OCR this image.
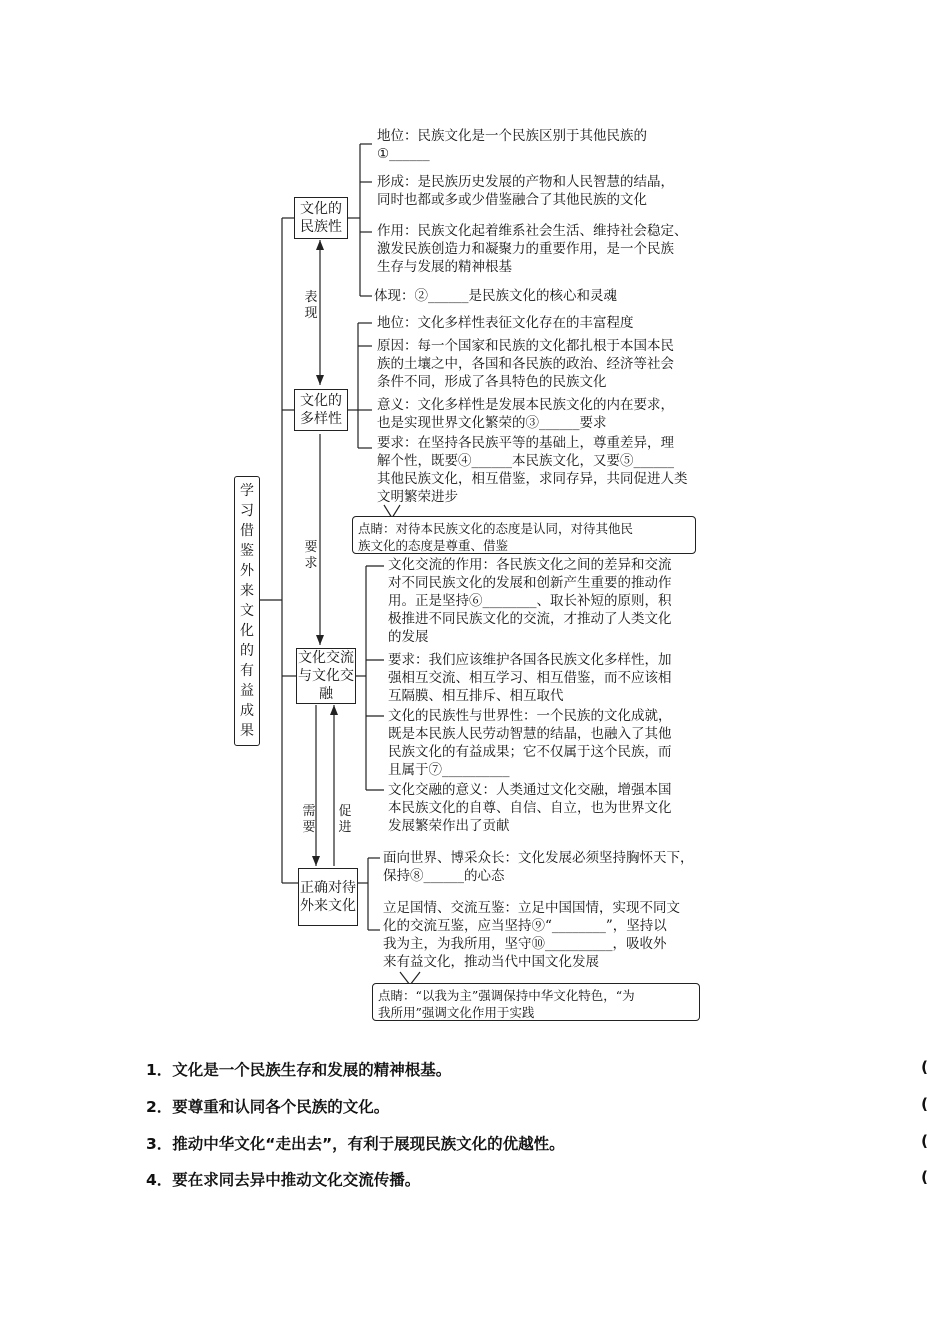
学习借鉴外来文化的有益成果
文化的民族性
地位：民族文化是一个民族区别于其他民族的
①______
形成：是民族历史发展的产物和人民智慧的结晶，
同时也都或多或少借鉴融合了其他民族的文化
作用：民族文化起着维系社会生活、维持社会稳定、
激发民族创造力和凝聚力的重要作用，是一个民族
生存与发展的精神根基
体现：②______是民族文化的核心和灵魂
表现
文化的多样性
地位：文化多样性表征文化存在的丰富程度
原因：每一个国家和民族的文化都扎根于本国本民
族的土壤之中，各国和各民族的政治、经济等社会
条件不同，形成了各具特色的民族文化
意义：文化多样性是发展本民族文化的内在要求，
也是实现世界文化繁荣的③______要求
要求：在坚持各民族平等的基础上，尊重差异，理
解个性，既要④______本民族文化，又要⑤______
其他民族文化，相互借鉴，求同存异，共同促进人类
文明繁荣进步
点睛：对待本民族文化的态度是认同，对待其他民
族文化的态度是尊重、借鉴
要求
文化交流与文化交融
文化交流的作用：各民族文化之间的差异和交流
对不同民族文化的发展和创新产生重要的推动作
用。正是坚持⑥________、取长补短的原则，积
极推进不同民族文化的交流，才推动了人类文化
的发展
要求：我们应该维护各国各民族文化多样性，加
强相互交流、相互学习、相互借鉴，而不应该相
互隔膜、相互排斥、相互取代
文化的民族性与世界性：一个民族的文化成就，
既是本民族人民劳动智慧的结晶，也融入了其他
民族文化的有益成果；它不仅属于这个民族，而
且属于⑦__________
文化交融的意义：人类通过文化交融，增强本国
本民族文化的自尊、自信、自立，也为世界文化
发展繁荣作出了贡献
需要
促进
正确对待外来文化
面向世界、博采众长：文化发展必须坚持胸怀天下，
保持⑧______的心态
立足国情、交流互鉴：立足中国国情，实现不同文
化的交流互鉴，应当坚持⑨“________”，坚持以
我为主，为我所用，坚守⑩__________，吸收外
来有益文化，推动当代中国文化发展
点睛：“以我为主”强调保持中华文化特色，“为
我所用”强调文化作用于实践
1．文化是一个民族生存和发展的精神根基。	(
2．要尊重和认同各个民族的文化。	(
3．推动中华文化“走出去”，有利于展现民族文化的优越性。	(
4．要在求同去异中推动文化交流传播。	(
